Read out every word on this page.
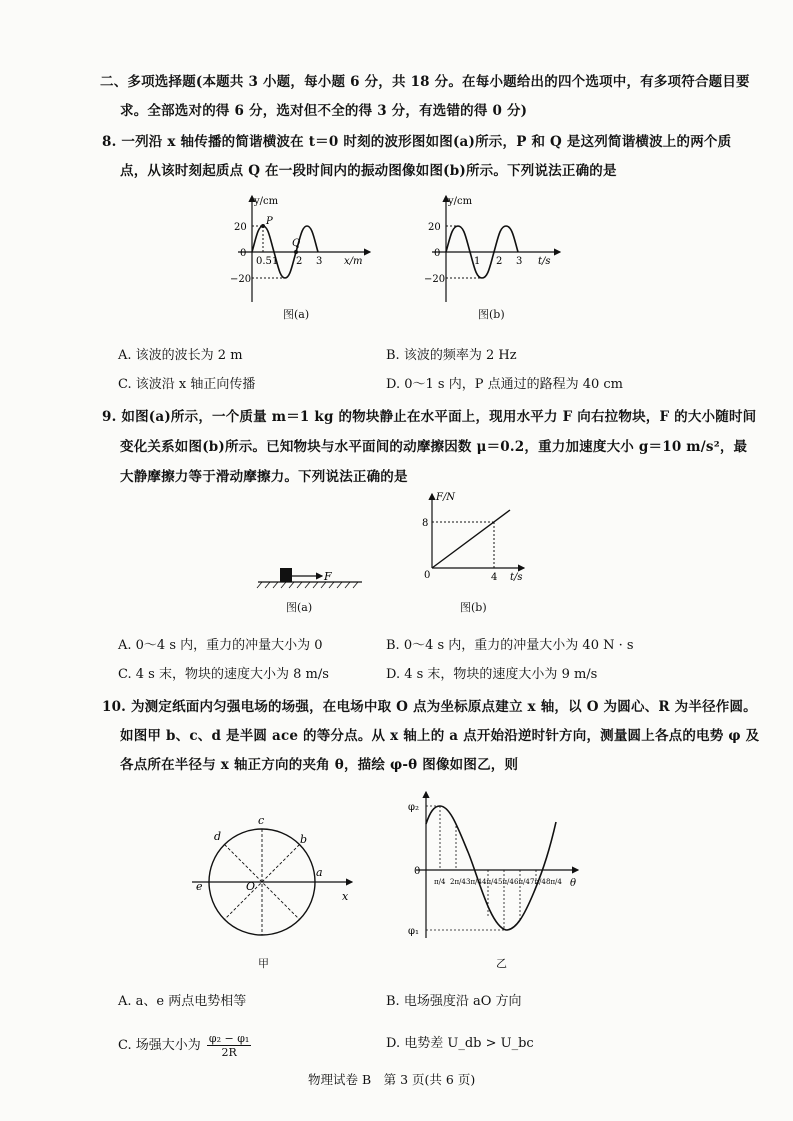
二、多项选择题(本题共 3 小题，每小题 6 分，共 18 分。在每小题给出的四个选项中，有多项符合题目要
求。全部选对的得 6 分，选对但不全的得 3 分，有选错的得 0 分)
8. 一列沿 x 轴传播的简谐横波在 t＝0 时刻的波形图如图(a)所示，P 和 Q 是这列简谐横波上的两个质
点，从该时刻起质点 Q 在一段时间内的振动图像如图(b)所示。下列说法正确的是
y/cm
20
0
−20
P
Q
0.5 1 2 3 x/m
图(a)
y/cm
20
0
−20
1 2 3 t/s
图(b)
A. 该波的波长为 2 m	B. 该波的频率为 2 Hz
C. 该波沿 x 轴正向传播	D. 0～1 s 内，P 点通过的路程为 40 cm
9. 如图(a)所示，一个质量 m＝1 kg 的物块静止在水平面上，现用水平力 F 向右拉物块，F 的大小随时间
变化关系如图(b)所示。已知物块与水平面间的动摩擦因数 μ＝0.2，重力加速度大小 g＝10 m/s²，最
大静摩擦力等于滑动摩擦力。下列说法正确的是
F
图(a)
F/N
8
0	4 t/s
图(b)
A. 0～4 s 内，重力的冲量大小为 0	B. 0～4 s 内，重力的冲量大小为 40 N · s
C. 4 s 末，物块的速度大小为 8 m/s	D. 4 s 末，物块的速度大小为 9 m/s
10. 为测定纸面内匀强电场的场强，在电场中取 O 点为坐标原点建立 x 轴，以 O 为圆心、R 为半径作圆。
如图甲 b、c、d 是半圆 ace 的等分点。从 x 轴上的 a 点开始沿逆时针方向，测量圆上各点的电势 φ 及
各点所在半径与 x 轴正方向的夹角 θ，描绘 φ-θ 图像如图乙，则
c
d	b
e
a
O
x
甲
φ₂
φ₁
0
θ
π/4 2π/4 3π/4 4π/4 5π/4 6π/4 7π/4 8π/4
乙
A. a、e 两点电势相等	B. 电场强度沿 aO 方向
C. 场强大小为 $\frac{\text{φ₂ − φ₁}}{2R}$	D. 电势差 U_db > U_bc
物理试卷 B　第 3 页(共 6 页)
